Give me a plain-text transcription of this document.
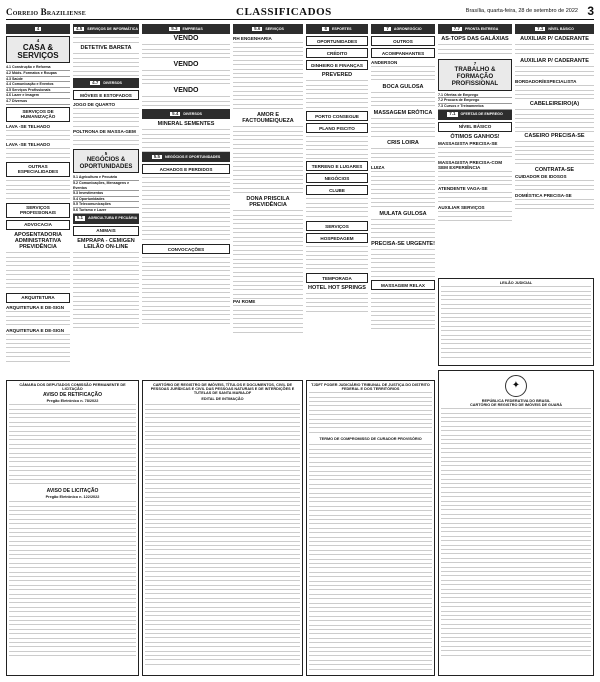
Correio Braziliense	CLASSIFICADOS	Brasília, quarta-feira, 28 de setembro de 2022 3
4
4
CASA & SERVIÇOS
4.1 Construção e Reforma
4.2 Móds. Formatos e Roupas
4.3 Saúde
4.4 Comunicação e Eventos
4.5 Serviços Profissionais
4.6 Lazer e Imagem
4.7 Diversos
SERVIÇOS DE HUMANIZAÇÃO
LAVA -SE TELHADO
LAVA -SE TELHADO
OUTRAS ESPECIALIDADES
SERVIÇOS PROFISSIONAIS
ADVOCACIA
APOSENTADORIA ADMINISTRATIVA PREVIDÊNCIA
ARQUITETURA
ARQUITETURA E DE-SIGN
ARQUITETURA E DE-SIGN
4.5	SERVIÇOS DE INFORMÁTICA
DETETIVE BARETA
4.7	DIVERSOS
MÓVEIS E ESTOFADOS
JOGO DE QUARTO
POLTRONA DE MASSA-GEM
5
NEGÓCIOS & OPORTUNIDADES
5.1 Agricultura e Pecuária
5.2 Comunicações, Mensagens e Eventos
5.3 Investimentos
5.4 Oportunidades
5.5 Telecomunicações
5.6 Turismo e Lazer
5.1	AGRICULTURA E PECUÁRIA
ANIMAIS
EMPRAPA - CEMIGEN LEILÃO ON-LINE
5.3	EMPRESAS
VENDO
VENDO
VENDO
5.4	DIVERSOS
MINERAL SEMENTES
5.5	NEGÓCIOS E OPORTUNIDADES
ACHADOS E PERDIDOS
CONVOCAÇÕES
5.6	SERVIÇOS
RH ENGENHARIA
AMOR E FACTOUMEIQUEZA
DONA PRISCILA PREVIDÊNCIA
PAI ROME
6	ESPORTES
OPORTUNIDADES
CRÉDITO
DINHEIRO E FINANÇAS
PREVERED
PORTO CONSEGUE
PLANO PISCITO
TERRENO E LUGARES
NEGÓCIOS
CLUBE
SERVIÇOS
HOSPEDAGEM
TEMPORADA
HOTEL HOT SPRINGS
7	AGRONEGÓCIO
OUTROS
ACOMPANHANTES
ANDERSON
BOCA GULOSA
MASSAGEM ERÓTICA
CRIS LOIRA
LUIZA
MULATA GULOSA
PRECISA-SE URGENTE!
MASSAGEM RELAX
7.7	PRONTA ENTREGA
AS-TOPS DAS GALÁXIAS
7
TRABALHO & FORMAÇÃO PROFISSIONAL
7.1 Ofertas de Emprego
7.2 Procura de Emprego
7.3 Cursos e Treinamentos
7.1	OFERTAS DE EMPREGO
NÍVEL BÁSICO
ÓTIMOS GANHOS!
MASSAGISTA PRECISA-SE
MASSAGISTA PRECISA-COM SEM EXPERIÊNCIA
ATENDENTE VAGA-SE
AUXILIAR SERVIÇOS
7.1	NÍVEL BÁSICO
AUXILIAR P/ CADERANTE
AUXILIAR P/ CADERANTE
BORDADOR/ESPECIALISTA
CABELEIREIRO(A)
CASEIRO PRECISA-SE
CONTRATA-SE
CUIDADOR DE IDOSOS
DOMÉSTICA PRECISA-SE
LEILÃO JUDICIAL
CÂMARA DOS DEPUTADOS COMISSÃO PERMANENTE DE LICITAÇÃO
AVISO DE RETIFICAÇÃO
Pregão Eletrônico n. 78/2022
AVISO DE LICITAÇÃO
Pregão Eletrônico n. 122/2022
CARTÓRIO DE REGISTRO DE IMÓVEIS, TÍTULOS E DOCUMENTOS, CIVIL DE PESSOAS JURÍDICAS E CIVIL DAS PESSOAS NATURAIS E DE INTERDIÇÕES E TUTELAS DE SANTA MARIA-DF
EDITAL DE INTIMAÇÃO
TJDFT PODER JUDICIÁRIO TRIBUNAL DE JUSTIÇA DO DISTRITO FEDERAL E DOS TERRITÓRIOS
TERMO DE COMPROMISSO DE CURADOR PROVISÓRIO
✦
REPÚBLICA FEDERATIVA DO BRASIL
CARTÓRIO DE REGISTRO DE IMÓVEIS DE GUARÁ
